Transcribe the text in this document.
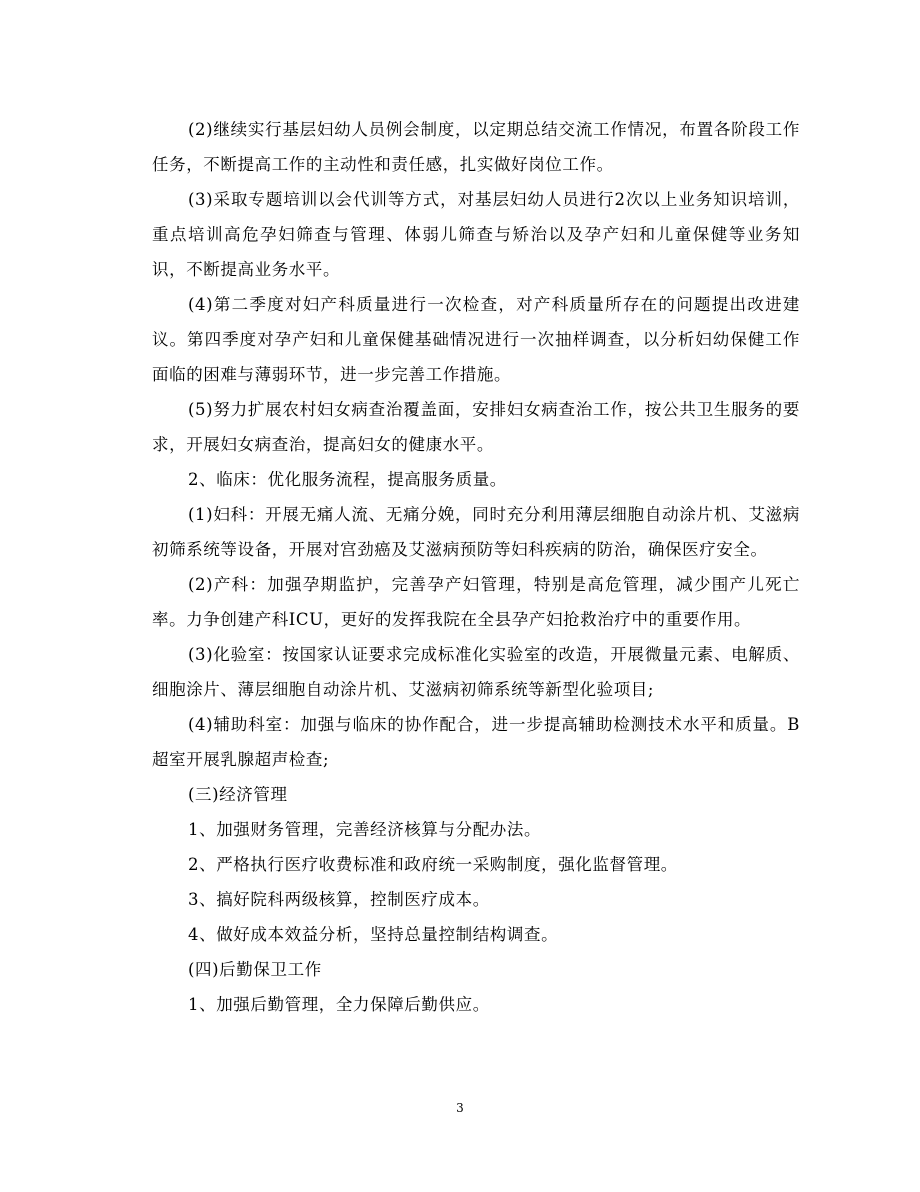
(2)继续实行基层妇幼人员例会制度，以定期总结交流工作情况，布置各阶段工作任务，不断提高工作的主动性和责任感，扎实做好岗位工作。

(3)采取专题培训以会代训等方式，对基层妇幼人员进行2次以上业务知识培训，重点培训高危孕妇筛查与管理、体弱儿筛查与矫治以及孕产妇和儿童保健等业务知识，不断提高业务水平。

(4)第二季度对妇产科质量进行一次检查，对产科质量所存在的问题提出改进建议。第四季度对孕产妇和儿童保健基础情况进行一次抽样调查，以分析妇幼保健工作面临的困难与薄弱环节，进一步完善工作措施。

(5)努力扩展农村妇女病查治覆盖面，安排妇女病查治工作，按公共卫生服务的要求，开展妇女病查治，提高妇女的健康水平。

2、临床：优化服务流程，提高服务质量。

(1)妇科：开展无痛人流、无痛分娩，同时充分利用薄层细胞自动涂片机、艾滋病初筛系统等设备，开展对宫劲癌及艾滋病预防等妇科疾病的防治，确保医疗安全。

(2)产科：加强孕期监护，完善孕产妇管理，特别是高危管理，减少围产儿死亡率。力争创建产科ICU，更好的发挥我院在全县孕产妇抢救治疗中的重要作用。

(3)化验室：按国家认证要求完成标准化实验室的改造，开展微量元素、电解质、细胞涂片、薄层细胞自动涂片机、艾滋病初筛系统等新型化验项目;

(4)辅助科室：加强与临床的协作配合，进一步提高辅助检测技术水平和质量。B超室开展乳腺超声检查;

(三)经济管理

1、加强财务管理，完善经济核算与分配办法。

2、严格执行医疗收费标准和政府统一采购制度，强化监督管理。

3、搞好院科两级核算，控制医疗成本。

4、做好成本效益分析，坚持总量控制结构调查。

(四)后勤保卫工作

1、加强后勤管理，全力保障后勤供应。

3
